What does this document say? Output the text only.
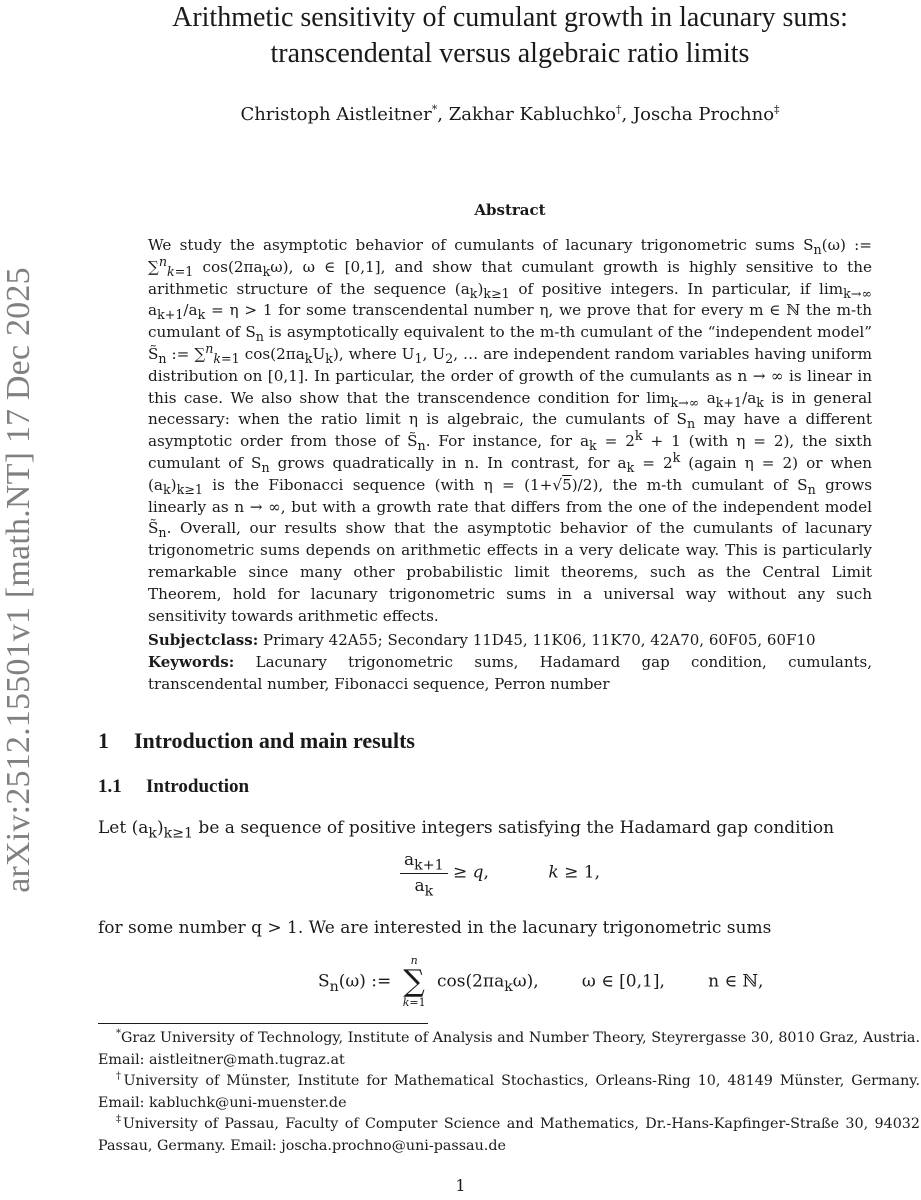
arXiv:2512.15501v1 [math.NT] 17 Dec 2025
Arithmetic sensitivity of cumulant growth in lacunary sums:
transcendental versus algebraic ratio limits
Christoph Aistleitner*, Zakhar Kabluchko†, Joscha Prochno‡
Abstract

We study the asymptotic behavior of cumulants of lacunary trigonometric sums $S_n(\omega)$ := ∑$^n_{k=1}$ $\cos(2\pi a_k\omega)$, ω ∈ [0,1], and show that cumulant growth is highly sensitive to the arithmetic structure of the sequence $(a_k)_{k\ge 1}$ of positive integers. In particular, if $\lim_{k\to\infty} a_{k+1}/a_k = \eta > 1$ for some transcendental number η, we prove that for every m ∈ ℕ the m-th cumulant of $S_n$ is asymptotically equivalent to the m-th cumulant of the “independent model” $S̃_n$ := ∑$^n_{k=1}$ $\cos(2\pi a_kU_k)$, where $U_1$, $U_2$, … are independent random variables having uniform distribution on [0,1]. In particular, the order of growth of the cumulants as n → ∞ is linear in this case. We also show that the transcendence condition for $\lim_{k\to\infty} a_{k+1}/a_k$ is in general necessary: when the ratio limit η is algebraic, the cumulants of $S_n$ may have a different asymptotic order from those of $S̃_n$. For instance, for $a_k = 2^k + 1$ (with η = 2), the sixth cumulant of $S_n$ grows quadratically in n. In contrast, for $a_k = 2^k$ (again η = 2) or when $(a_k)_{k\ge 1}$ is the Fibonacci sequence (with η = (1+√5)/2), the m-th cumulant of $S_n$ grows linearly as n → ∞, but with a growth rate that differs from the one of the independent model $S̃_n$. Overall, our results show that the asymptotic behavior of the cumulants of lacunary trigonometric sums depends on arithmetic effects in a very delicate way. This is particularly remarkable since many other probabilistic limit theorems, such as the Central Limit Theorem, hold for lacunary trigonometric sums in a universal way without any such sensitivity towards arithmetic effects.

Subjectclass: Primary 42A55; Secondary 11D45, 11K06, 11K70, 42A70, 60F05, 60F10
Keywords: Lacunary trigonometric sums, Hadamard gap condition, cumulants, transcendental number, Fibonacci sequence, Perron number
1 Introduction and main results
1.1 Introduction
Let $(a_k)_{k\ge 1}$ be a sequence of positive integers satisfying the Hadamard gap condition
$\frac{a_{k+1}}{a_k} \ge q$,           k ≥ 1,
for some number q > 1. We are interested in the lacunary trigonometric sums
$S_n(\omega)$ :=
n
∑
k=1
$\cos(2\pi a_k\omega)$,        ω ∈ [0,1],        n ∈ ℕ,

*Graz University of Technology, Institute of Analysis and Number Theory, Steyrergasse 30, 8010 Graz, Austria. Email: aistleitner@math.tugraz.at

†University of Münster, Institute for Mathematical Stochastics, Orleans-Ring 10, 48149 Münster, Germany. Email: kabluchk@uni-muenster.de

‡University of Passau, Faculty of Computer Science and Mathematics, Dr.-Hans-Kapfinger-Straße 30, 94032 Passau, Germany. Email: joscha.prochno@uni-passau.de

1
